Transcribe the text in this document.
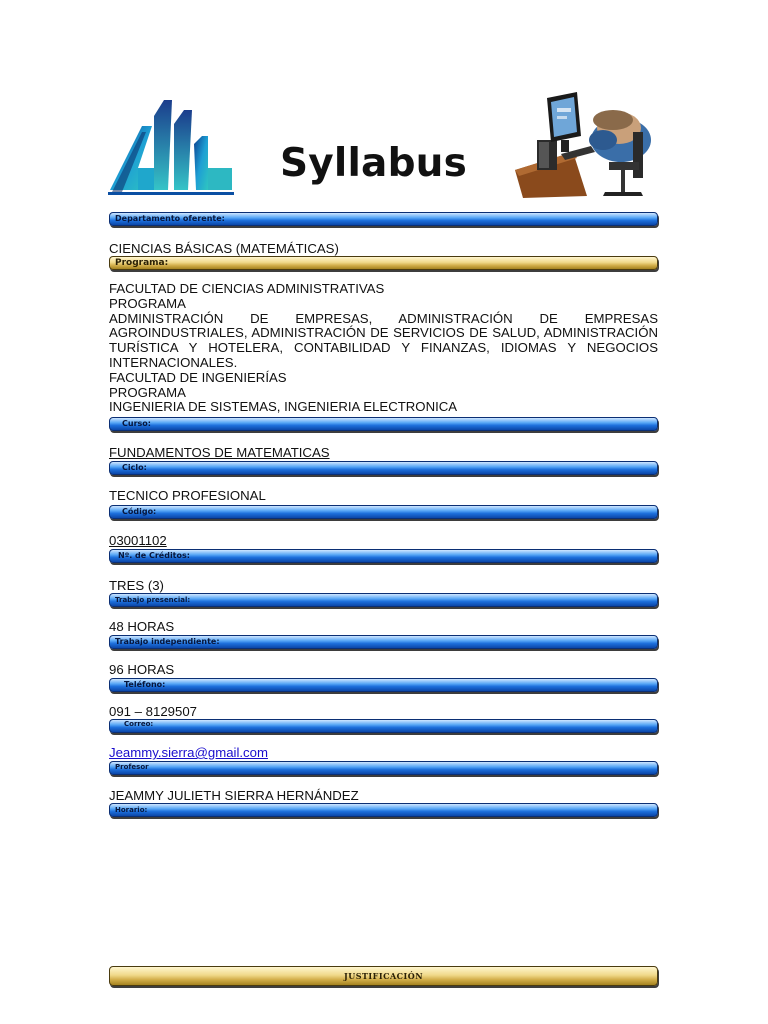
Syllabus
Departamento oferente:
CIENCIAS BÁSICAS (MATEMÁTICAS)
Programa:
FACULTAD DE CIENCIAS ADMINISTRATIVAS
PROGRAMA
ADMINISTRACIÓN DE EMPRESAS, ADMINISTRACIÓN DE EMPRESAS AGROINDUSTRIALES, ADMINISTRACIÓN DE SERVICIOS DE SALUD, ADMINISTRACIÓN TURÍSTICA Y HOTELERA, CONTABILIDAD Y FINANZAS, IDIOMAS Y NEGOCIOS INTERNACIONALES.
FACULTAD DE INGENIERÍAS
PROGRAMA
INGENIERIA DE SISTEMAS, INGENIERIA ELECTRONICA
Curso:
FUNDAMENTOS DE MATEMATICAS
Ciclo:
TECNICO PROFESIONAL
Código:
03001102
Nº. de Créditos:
TRES (3)
Trabajo presencial:
48 HORAS
Trabajo independiente:
96 HORAS
Teléfono:
091 – 8129507
Correo:
Jeammy.sierra@gmail.com
Profesor
JEAMMY JULIETH SIERRA HERNÁNDEZ
Horario:
JUSTIFICACIÓN
